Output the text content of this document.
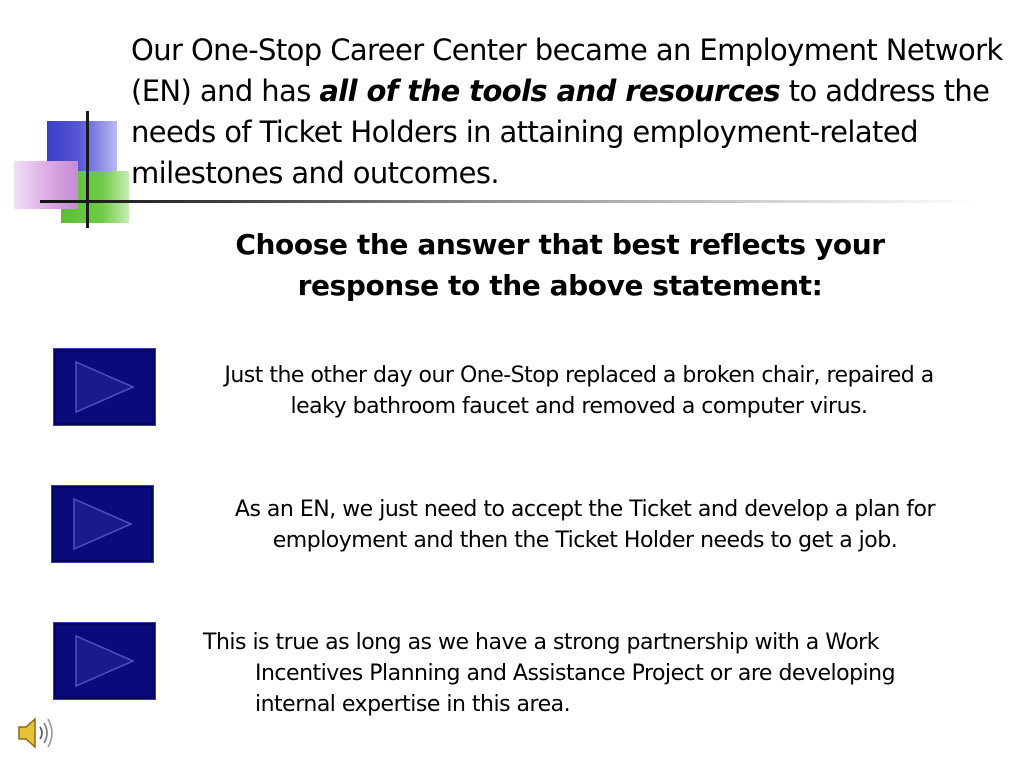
Our One-Stop Career Center became an Employment Network (EN) and has all of the tools and resources to address the needs of Ticket Holders in attaining employment-related milestones and outcomes.
Choose the answer that best reflects your response to the above statement:
Just the other day our One-Stop replaced a broken chair, repaired a leaky bathroom faucet and removed a computer virus.
As an EN, we just need to accept the Ticket and develop a plan for employment and then the Ticket Holder needs to get a job.
This is true as long as we have a strong partnership with a Work Incentives Planning and Assistance Project or are developing internal expertise in this area.
